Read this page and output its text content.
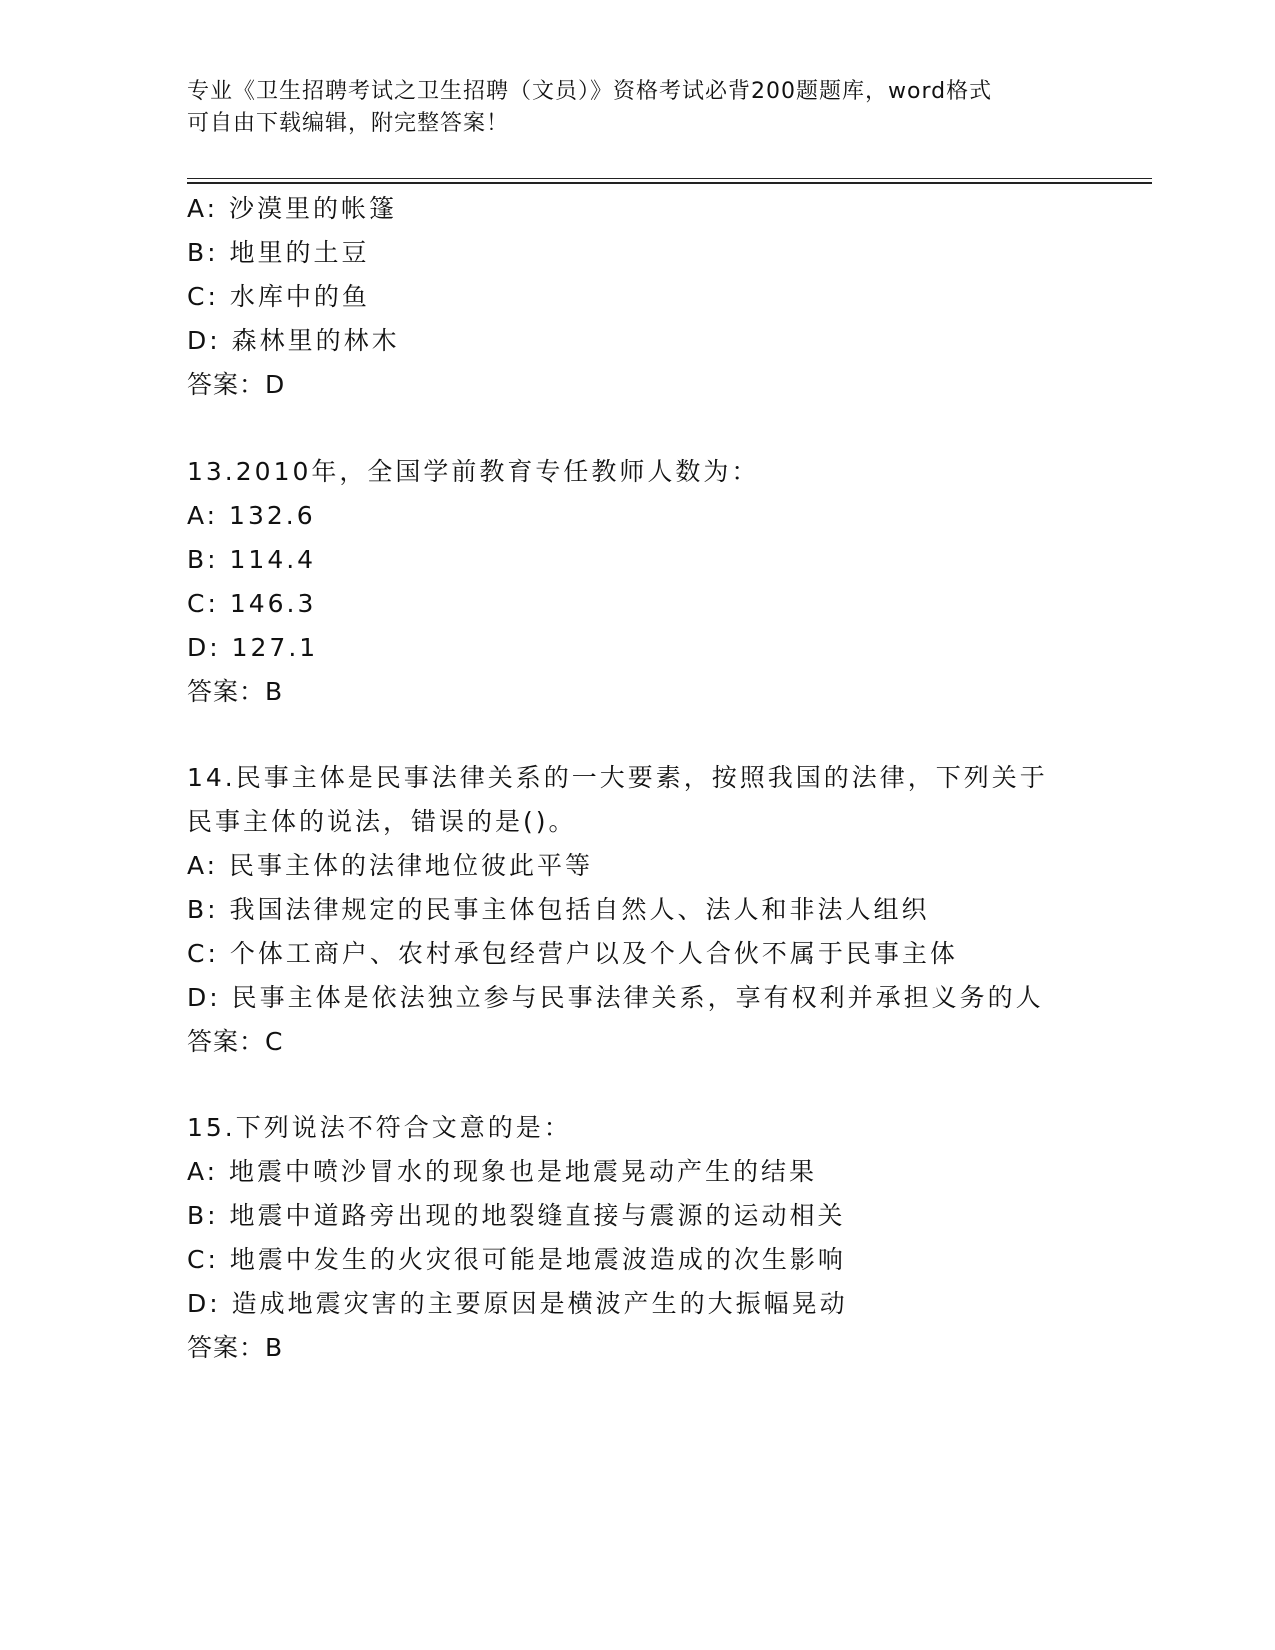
专业《卫生招聘考试之卫生招聘（文员）》资格考试必背200题题库，word格式
可自由下载编辑，附完整答案！
A: 沙漠里的帐篷
B: 地里的土豆
C: 水库中的鱼
D: 森林里的林木
答案：D
13.2010年，全国学前教育专任教师人数为：
A: 132.6
B: 114.4
C: 146.3
D: 127.1
答案：B
14.民事主体是民事法律关系的一大要素，按照我国的法律，下列关于
民事主体的说法，错误的是()。
A: 民事主体的法律地位彼此平等
B: 我国法律规定的民事主体包括自然人、法人和非法人组织
C: 个体工商户、农村承包经营户以及个人合伙不属于民事主体
D: 民事主体是依法独立参与民事法律关系，享有权利并承担义务的人
答案：C
15.下列说法不符合文意的是：
A: 地震中喷沙冒水的现象也是地震晃动产生的结果
B: 地震中道路旁出现的地裂缝直接与震源的运动相关
C: 地震中发生的火灾很可能是地震波造成的次生影响
D: 造成地震灾害的主要原因是横波产生的大振幅晃动
答案：B
